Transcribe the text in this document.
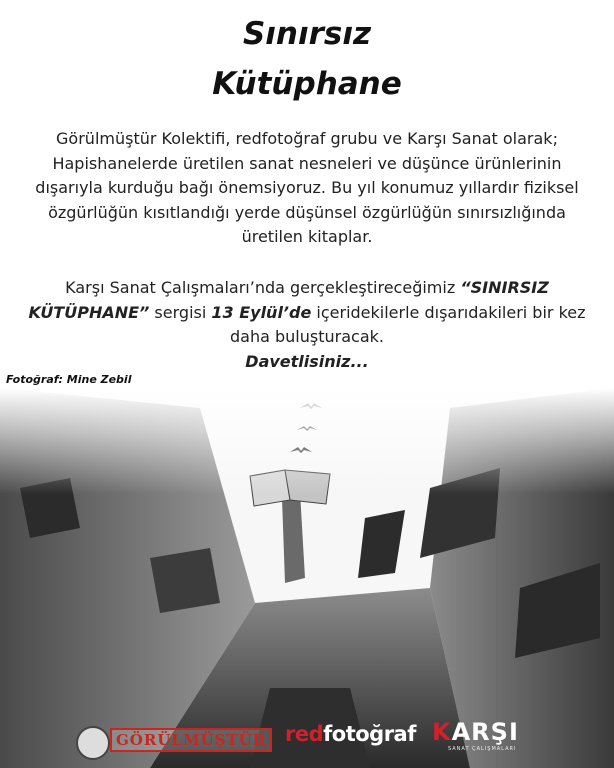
Sınırsız
Kütüphane
Görülmüştür Kolektifi, redfotoğraf grubu ve Karşı Sanat olarak; Hapishanelerde üretilen sanat nesneleri ve düşünce ürünlerinin dışarıyla kurduğu bağı önemsiyoruz. Bu yıl konumuz yıllardır fiziksel özgürlüğün kısıtlandığı yerde düşünsel özgürlüğün sınırsızlığında üretilen kitaplar.
Karşı Sanat Çalışmaları’nda gerçekleştireceğimiz “SINIRSIZ KÜTÜPHANE” sergisi 13 Eylül’de içeridekilerle dışarıdakileri bir kez daha buluşturacak.
Davetlisiniz...
Fotoğraf: Mine Zebil
GÖRÜLMÜŞTÜR redfotoğraf KARŞI
SANAT ÇALIŞMALARI
